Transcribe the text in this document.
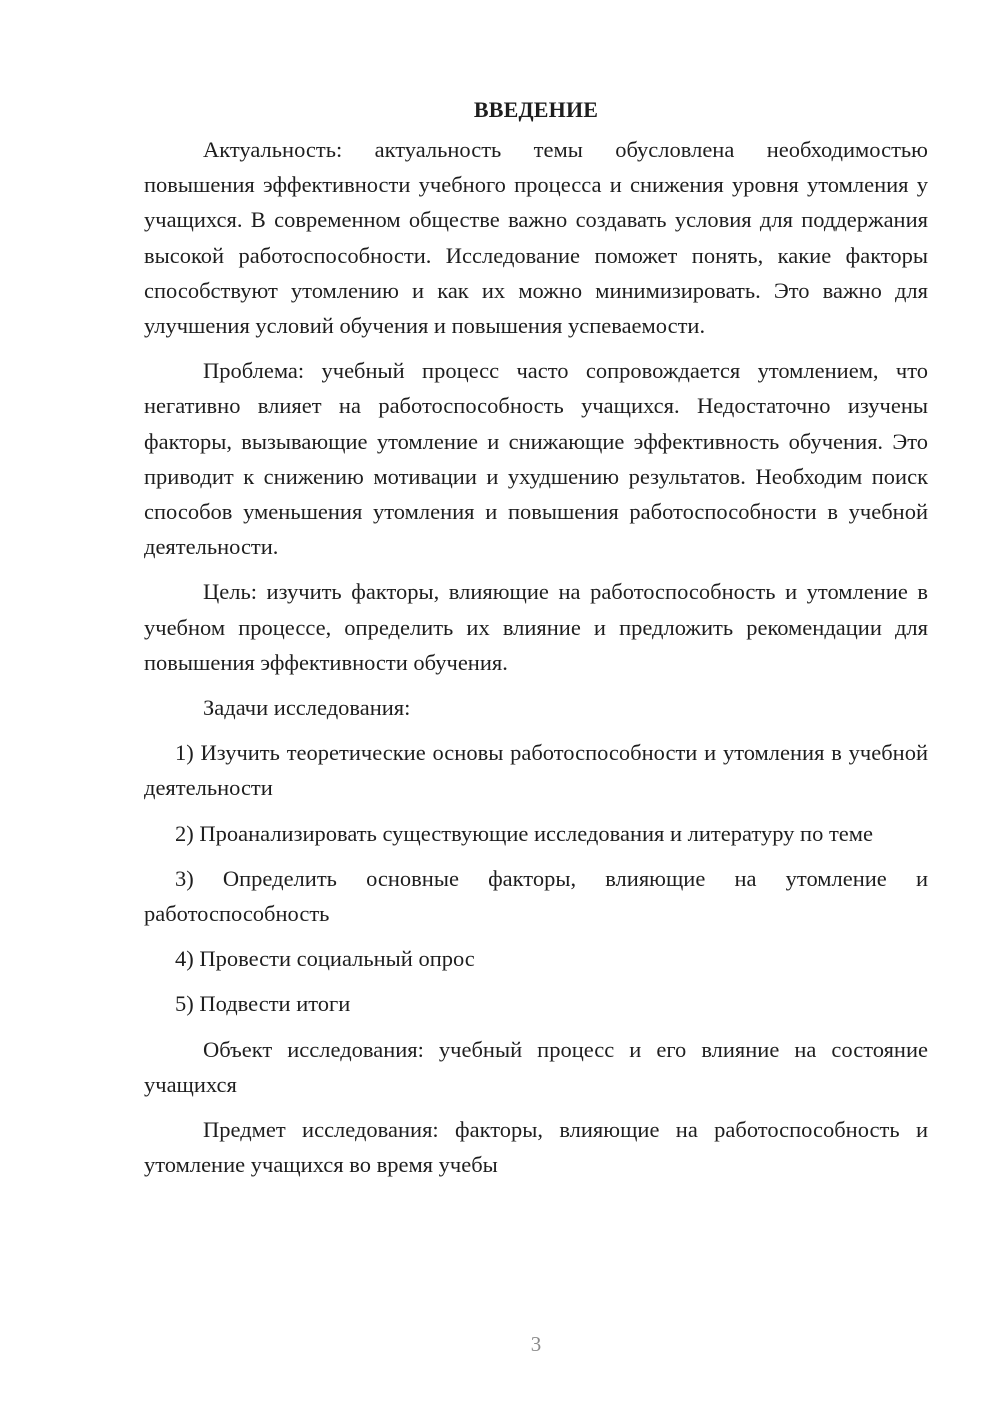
ВВЕДЕНИЕ

Актуальность: актуальность темы обусловлена необходимостью повышения эффективности учебного процесса и снижения уровня утомления у учащихся. В современном обществе важно создавать условия для поддержания высокой работоспособности. Исследование поможет понять, какие факторы способствуют утомлению и как их можно минимизировать. Это важно для улучшения условий обучения и повышения успеваемости.

Проблема: учебный процесс часто сопровождается утомлением, что негативно влияет на работоспособность учащихся. Недостаточно изучены факторы, вызывающие утомление и снижающие эффективность обучения. Это приводит к снижению мотивации и ухудшению результатов. Необходим поиск способов уменьшения утомления и повышения работоспособности в учебной деятельности.

Цель: изучить факторы, влияющие на работоспособность и утомление в учебном процессе, определить их влияние и предложить рекомендации для повышения эффективности обучения.

Задачи исследования:

1) Изучить теоретические основы работоспособности и утомления в учебной деятельности

2) Проанализировать существующие исследования и литературу по теме

3) Определить основные факторы, влияющие на утомление и работоспособность

4) Провести социальный опрос

5) Подвести итоги

Объект исследования: учебный процесс и его влияние на состояние учащихся

Предмет исследования: факторы, влияющие на работоспособность и утомление учащихся во время учебы

3
